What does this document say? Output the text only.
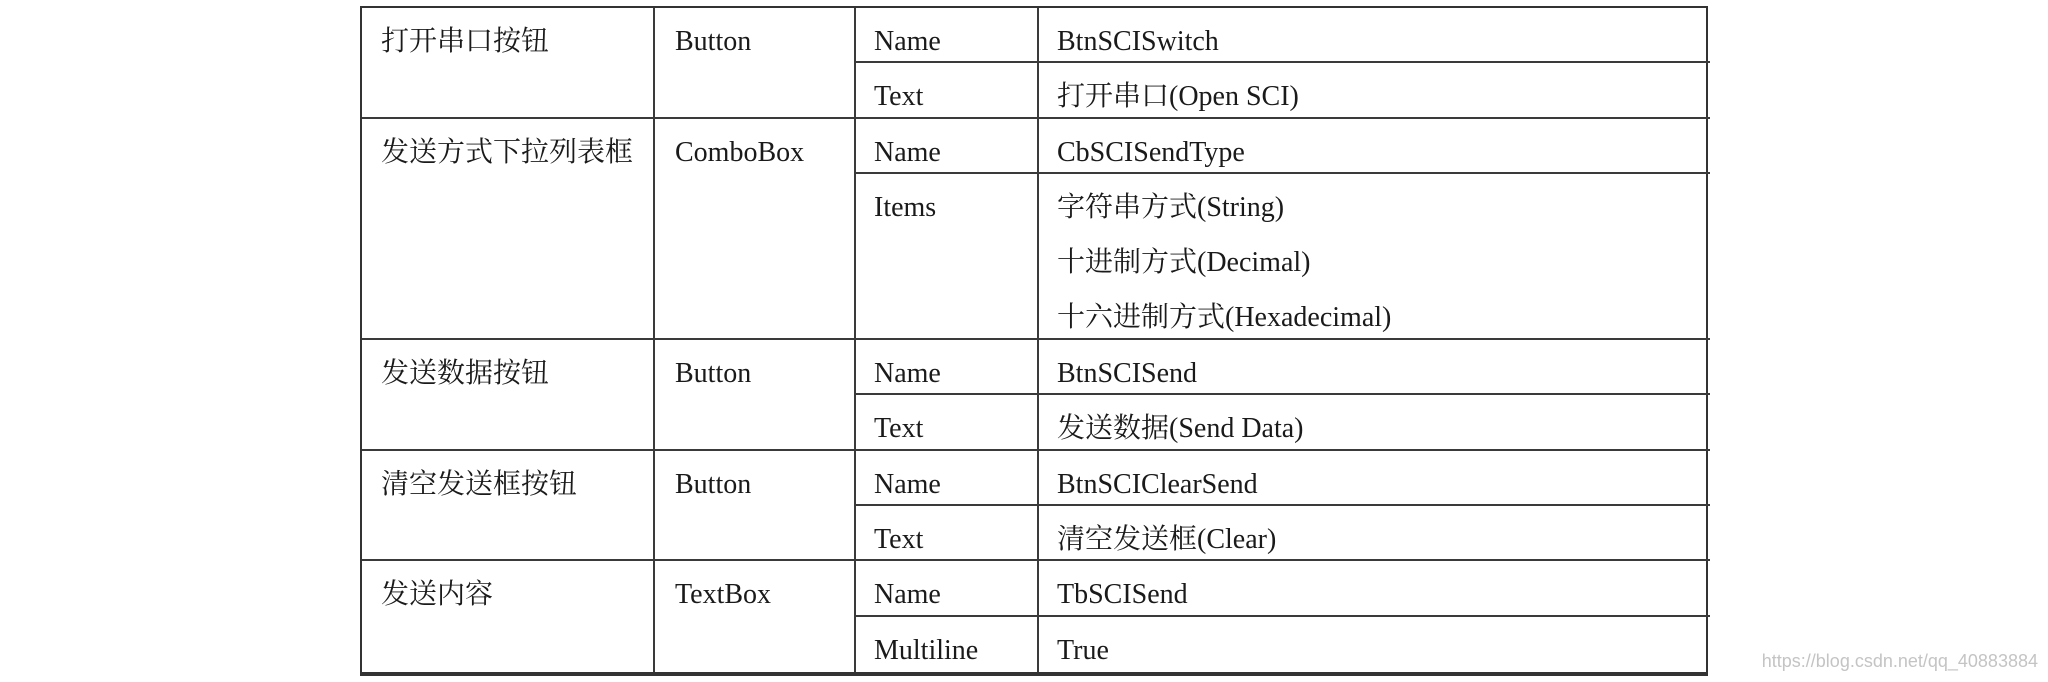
打开串口按钮	Button	Name	BtnSCISwitch
Text	打开串口(Open SCI)
发送方式下拉列表框	ComboBox	Name	CbSCISendType
Items	字符串方式(String)
十进制方式(Decimal)
十六进制方式(Hexadecimal)
发送数据按钮	Button	Name	BtnSCISend
Text	发送数据(Send Data)
清空发送框按钮	Button	Name	BtnSCIClearSend
Text	清空发送框(Clear)
发送内容	TextBox	Name	TbSCISend
Multiline	True	https://blog.csdn.net/qq_40883884
